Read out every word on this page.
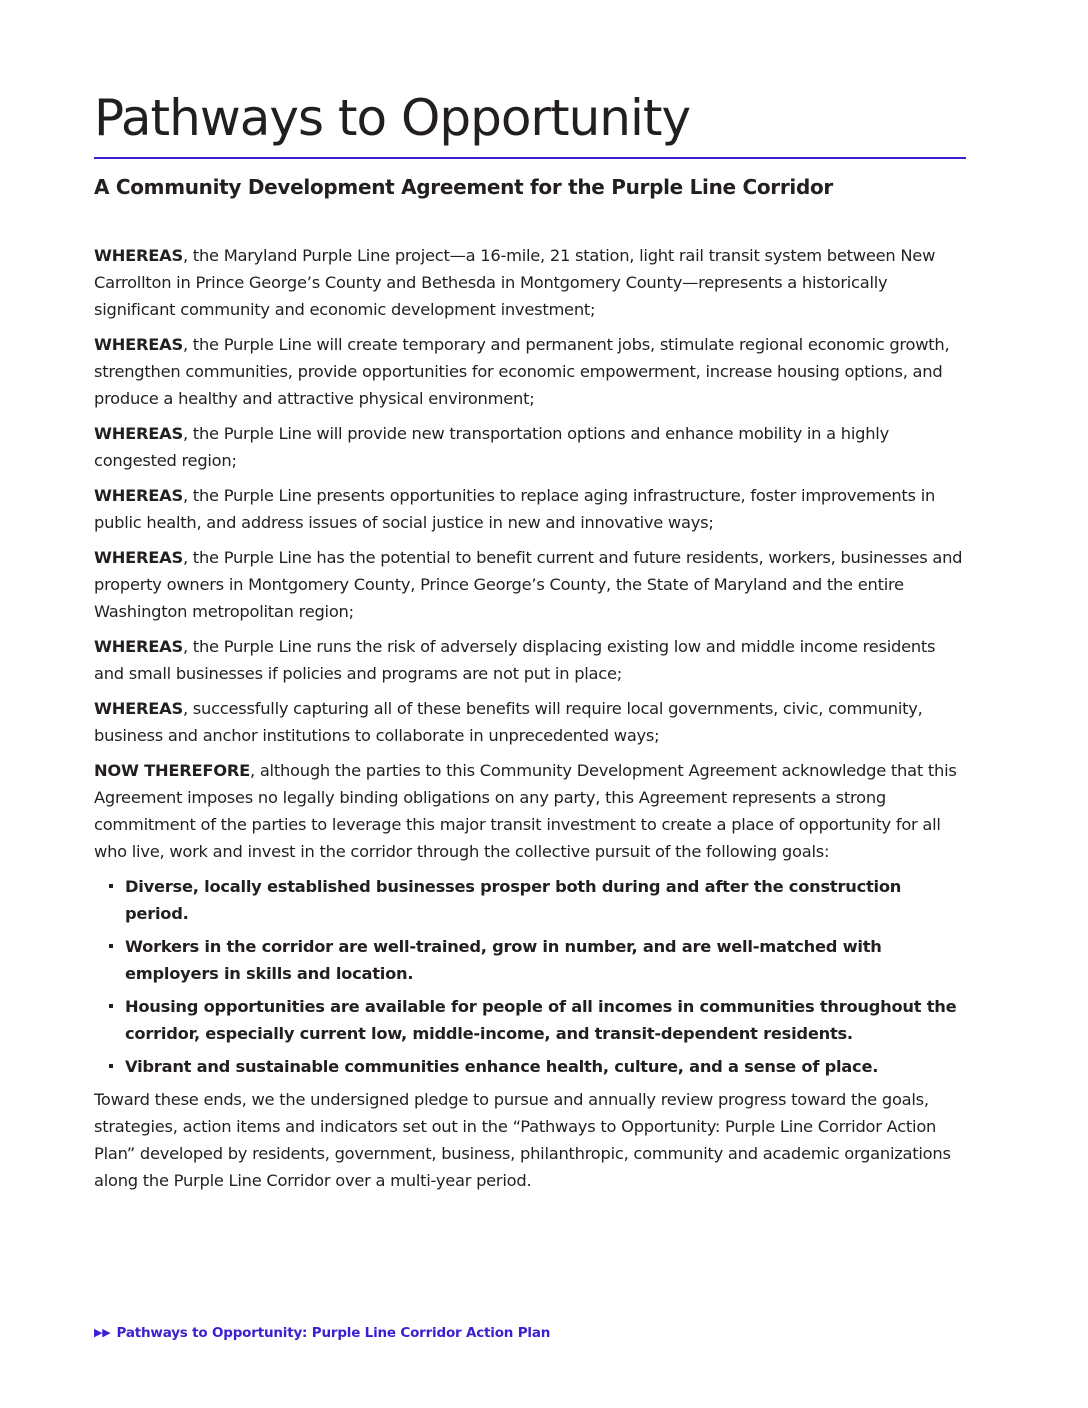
Pathways to Opportunity
A Community Development Agreement for the Purple Line Corridor

WHEREAS, the Maryland Purple Line project—a 16-mile, 21 station, light rail transit system between New Carrollton in Prince George’s County and Bethesda in Montgomery County—represents a historically significant community and economic development investment;

WHEREAS, the Purple Line will create temporary and permanent jobs, stimulate regional economic growth, strengthen communities, provide opportunities for economic empowerment, increase housing options, and produce a healthy and attractive physical environment;

WHEREAS, the Purple Line will provide new transportation options and enhance mobility in a highly congested region;

WHEREAS, the Purple Line presents opportunities to replace aging infrastructure, foster improvements in public health, and address issues of social justice in new and innovative ways;

WHEREAS, the Purple Line has the potential to benefit current and future residents, workers, businesses and property owners in Montgomery County, Prince George’s County, the State of Maryland and the entire Washington metropolitan region;

WHEREAS, the Purple Line runs the risk of adversely displacing existing low and middle income residents and small businesses if policies and programs are not put in place;

WHEREAS, successfully capturing all of these benefits will require local governments, civic, community, business and anchor institutions to collaborate in unprecedented ways;

NOW THEREFORE, although the parties to this Community Development Agreement acknowledge that this Agreement imposes no legally binding obligations on any party, this Agreement represents a strong commitment of the parties to leverage this major transit investment to create a place of opportunity for all who live, work and invest in the corridor through the collective pursuit of the following goals:

Diverse, locally established businesses prosper both during and after the construction period.
Workers in the corridor are well-trained, grow in number, and are well-matched with employers in skills and location.
Housing opportunities are available for people of all incomes in communities throughout the corridor, especially current low, middle-income, and transit-dependent residents.
Vibrant and sustainable communities enhance health, culture, and a sense of place.

Toward these ends, we the undersigned pledge to pursue and annually review progress toward the goals, strategies, action items and indicators set out in the “Pathways to Opportunity: Purple Line Corridor Action Plan” developed by residents, government, business, philanthropic, community and academic organizations along the Purple Line Corridor over a multi-year period.

▶▶ Pathways to Opportunity: Purple Line Corridor Action Plan
